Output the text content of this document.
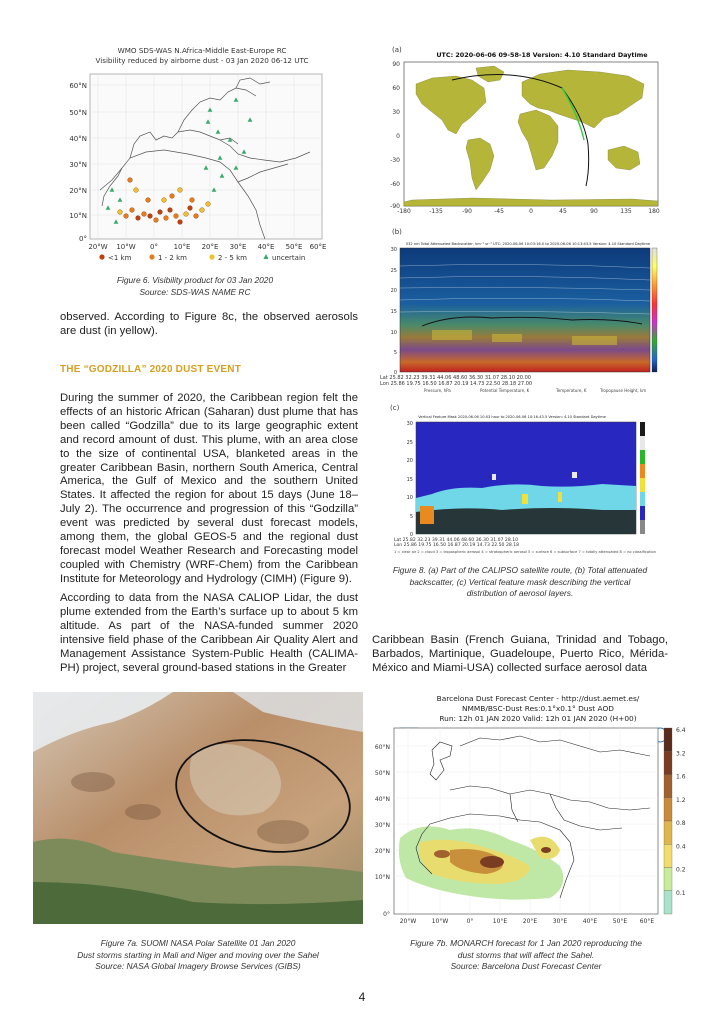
WMO SDS-WAS N.Africa-Middle East-Europe RC
Visibility reduced by airborne dust - 03 Jan 2020 06-12 UTC
60°N
50°N
40°N
30°N
20°N
10°N
0°
20°W 10°W 0° 10°E 20°E 30°E 40°E 50°E 60°E
<1 km	1 - 2 km	2 - 5 km	uncertain
Figure 6. Visibility product for 03 Jan 2020
Source: SDS-WAS NAME RC
(a)
UTC: 2020-06-06 09-58-18 Version: 4.10 Standard Daytime
90
60
30
0
-30
-60
-90
-180	-135	-90	-45	0	45	90	135	180
(b)
532 nm Total Attenuated Backscatter, km⁻¹ sr⁻¹ UTC: 2020-06-06 10:03:16.0 to 2020-06-06 10:13:43.5 Version: 4.10 Standard Daytime
30
25
20
15
10
5
0
Lat 25.82 32.23 39.31 44.06 48.60 36.30 31.07 28.10 20.00
Lon 25.86 19.75 16.50 16.87 20.19 14.73 22.50 28.18 27.00
Pressure, hPa	Potential Temperature, K	Temperature, K	Tropopause Height, km
(c)
Vertical Feature Mask 2020-06-06 10:03 hour to 2020-06-06 10:16-43.5 Version: 4.10 Standard Daytime
30
25
20
15
10
5
0
Lat 25.82 32.23 39.31 44.06 48.60 36.30 31.07 28.10
Lon 25.86 19.75 16.50 16.87 20.19 14.73 22.50 28.18
1 = clear air 2 = cloud 3 = tropospheric aerosol 4 = stratospheric aerosol 5 = surface 6 = subsurface 7 = totally attenuated 8 = no classification
Figure 8. (a) Part of the CALIPSO satellite route, (b) Total attenuated
backscatter, (c) Vertical feature mask describing the vertical
distribution of aerosol layers.

observed. According to Figure 8c, the observed aerosols are dust (in yellow).

THE “GODZILLA” 2020 DUST EVENT

During the summer of 2020, the Caribbean region felt the effects of an historic African (Saharan) dust plume that has been called “Godzilla” due to its large geographic extent and record amount of dust. This plume, with an area close to the size of continental USA, blanketed areas in the greater Caribbean Basin, northern South America, Central America, the Gulf of Mexico and the southern United States. It affected the region for about 15 days (June 18–July 2). The occurrence and progression of this “Godzilla” event was predicted by several dust forecast models, among them, the global GEOS-5 and the regional dust forecast model Weather Research and Forecasting model coupled with Chemistry (WRF-Chem) from the Caribbean Institute for Meteorology and Hydrology (CIMH) (Figure 9).

According to data from the NASA CALIOP Lidar, the dust plume extended from the Earth’s surface up to about 5 km altitude. As part of the NASA-funded summer 2020 intensive field phase of the Caribbean Air Quality Alert and Management Assistance System-Public Health (CALIMA-PH) project, several ground-based stations in the Greater

Caribbean Basin (French Guiana, Trinidad and Tobago, Barbados, Martinique, Guadeloupe, Puerto Rico, Mérida-México and Miami-USA) collected surface aerosol data

Figure 7a. SUOMI NASA Polar Satellite 01 Jan 2020
Dust storms starting in Mali and Niger and moving over the Sahel
Source: NASA Global Imagery Browse Services (GIBS)
Barcelona Dust Forecast Center - http://dust.aemet.es/
NMMB/BSC-Dust Res:0.1°x0.1° Dust AOD
Run: 12h 01 JAN 2020 Valid: 12h 01 JAN 2020 (H+00)
6.4
3.2
1.6
1.2
0.8
0.4
0.2
0.1
60°N
50°N
40°N
30°N
20°N
10°N
0°
20°W	10°W	0°	10°E	20°E	30°E	40°E	50°E 60°E
Figure 7b. MONARCH forecast for 1 Jan 2020 reproducing the
dust storms that will affect the Sahel.
Source: Barcelona Dust Forecast Center
4
